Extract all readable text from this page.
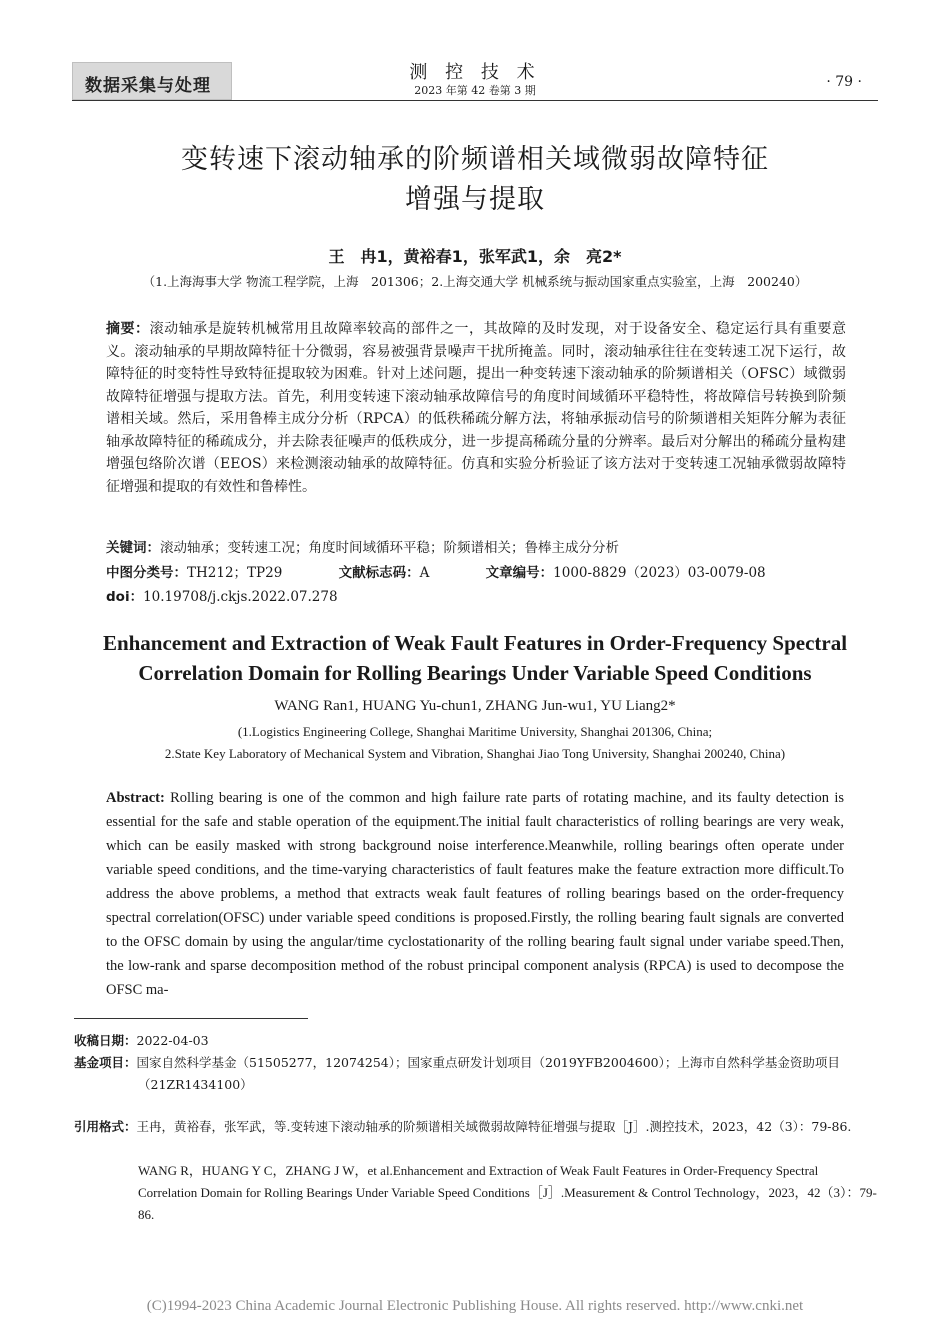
数据采集与处理
测 控 技 术
2023 年第 42 卷第 3 期
· 79 ·
变转速下滚动轴承的阶频谱相关域微弱故障特征
增强与提取
王　冉1，黄裕春1，张军武1，余　亮2*
（1.上海海事大学 物流工程学院，上海　201306；2.上海交通大学 机械系统与振动国家重点实验室，上海　200240）
摘要：滚动轴承是旋转机械常用且故障率较高的部件之一，其故障的及时发现，对于设备安全、稳定运行具有重要意义。滚动轴承的早期故障特征十分微弱，容易被强背景噪声干扰所掩盖。同时，滚动轴承往往在变转速工况下运行，故障特征的时变特性导致特征提取较为困难。针对上述问题，提出一种变转速下滚动轴承的阶频谱相关（OFSC）域微弱故障特征增强与提取方法。首先，利用变转速下滚动轴承故障信号的角度时间域循环平稳特性，将故障信号转换到阶频谱相关域。然后，采用鲁棒主成分分析（RPCA）的低秩稀疏分解方法，将轴承振动信号的阶频谱相关矩阵分解为表征轴承故障特征的稀疏成分，并去除表征噪声的低秩成分，进一步提高稀疏分量的分辨率。最后对分解出的稀疏分量构建增强包络阶次谱（EEOS）来检测滚动轴承的故障特征。仿真和实验分析验证了该方法对于变转速工况轴承微弱故障特征增强和提取的有效性和鲁棒性。
关键词：滚动轴承；变转速工况；角度时间域循环平稳；阶频谱相关；鲁棒主成分分析
中图分类号：TH212；TP29	文献标志码：A	文章编号：1000-8829（2023）03-0079-08
doi：10.19708/j.ckjs.2022.07.278
Enhancement and Extraction of Weak Fault Features in Order-Frequency Spectral
Correlation Domain for Rolling Bearings Under Variable Speed Conditions
WANG Ran1, HUANG Yu-chun1, ZHANG Jun-wu1, YU Liang2*
(1.Logistics Engineering College, Shanghai Maritime University, Shanghai 201306, China;
2.State Key Laboratory of Mechanical System and Vibration, Shanghai Jiao Tong University, Shanghai 200240, China)
Abstract: Rolling bearing is one of the common and high failure rate parts of rotating machine, and its faulty detection is essential for the safe and stable operation of the equipment.The initial fault characteristics of rolling bearings are very weak, which can be easily masked with strong background noise interference.Meanwhile, rolling bearings often operate under variable speed conditions, and the time-varying characteristics of fault features make the feature extraction more difficult.To address the above problems, a method that extracts weak fault features of rolling bearings based on the order-frequency spectral correlation(OFSC) under variable speed conditions is proposed.Firstly, the rolling bearing fault signals are converted to the OFSC domain by using the angular/time cyclostationarity of the rolling bearing fault signal under variabe speed.Then, the low-rank and sparse decomposition method of the robust principal component analysis (RPCA) is used to decompose the OFSC ma-
收稿日期：2022-04-03
基金项目：国家自然科学基金（51505277，12074254）；国家重点研发计划项目（2019YFB2004600）；上海市自然科学基金资助项目
（21ZR1434100）
引用格式：王冉，黄裕春，张军武，等.变转速下滚动轴承的阶频谱相关域微弱故障特征增强与提取［J］.测控技术，2023，42（3）：79-86.
WANG R，HUANG Y C，ZHANG J W，et al.Enhancement and Extraction of Weak Fault Features in Order-Frequency Spectral Correlation Domain for Rolling Bearings Under Variable Speed Conditions［J］.Measurement & Control Technology，2023，42（3）：79-86.
(C)1994-2023 China Academic Journal Electronic Publishing House. All rights reserved. http://www.cnki.net
